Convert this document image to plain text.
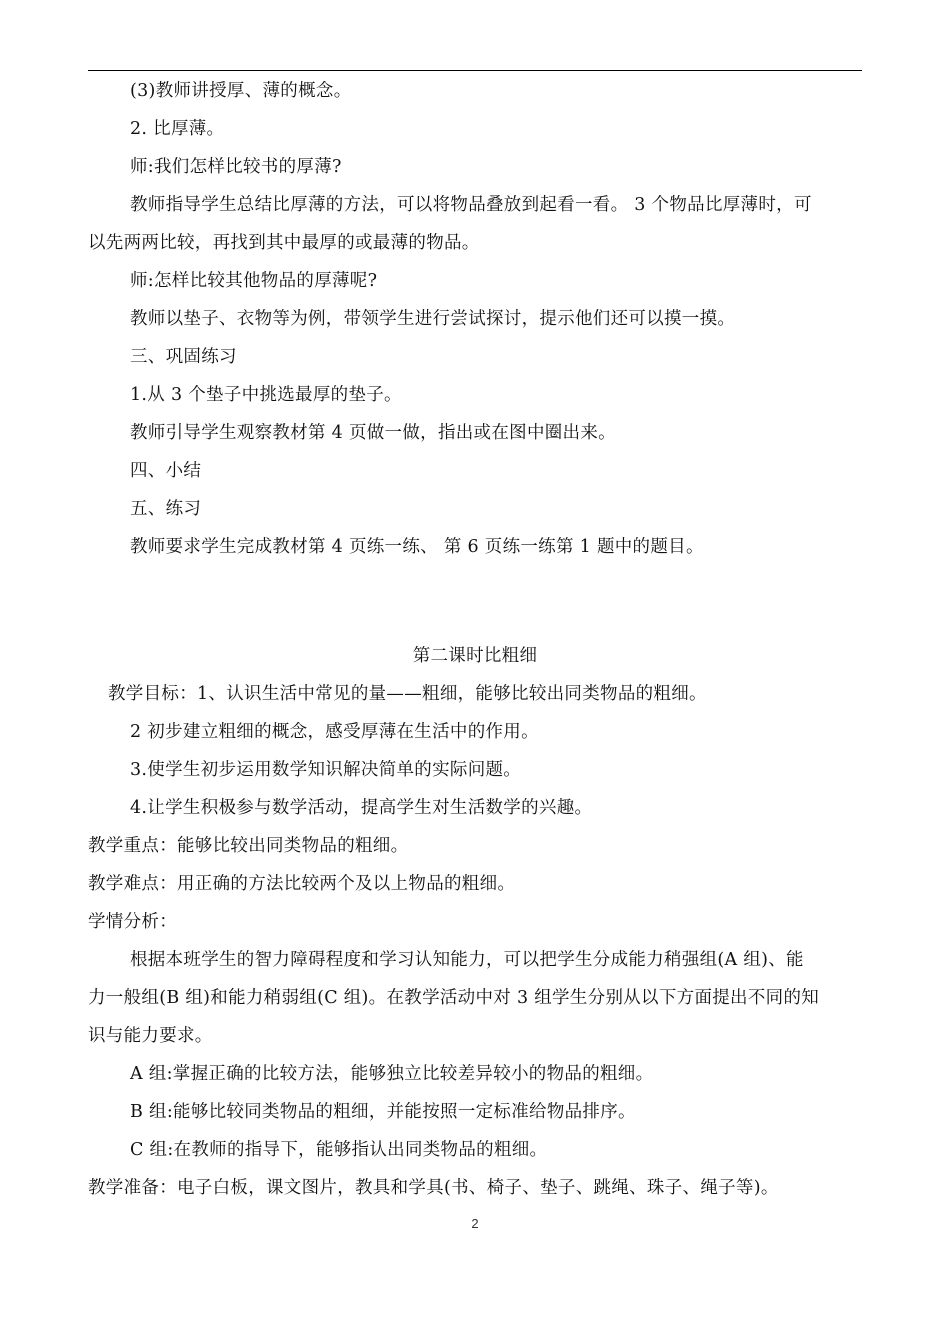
(3)教师讲授厚、薄的概念。
2. 比厚薄。
师:我们怎样比较书的厚薄?
教师指导学生总结比厚薄的方法，可以将物品叠放到起看一看。 3 个物品比厚薄时，可
以先两两比较，再找到其中最厚的或最薄的物品。
师:怎样比较其他物品的厚薄呢?
教师以垫子、衣物等为例，带领学生进行尝试探讨，提示他们还可以摸一摸。
三、巩固练习
1.从 3 个垫子中挑选最厚的垫子。
教师引导学生观察教材第 4 页做一做，指出或在图中圈出来。
四、小结
五、练习
教师要求学生完成教材第 4 页练一练、 第 6 页练一练第 1 题中的题目。
第二课时比粗细
教学目标：1、认识生活中常见的量——粗细，能够比较出同类物品的粗细。
2 初步建立粗细的概念，感受厚薄在生活中的作用。
3.使学生初步运用数学知识解决简单的实际问题。
4.让学生积极参与数学活动，提高学生对生活数学的兴趣。
教学重点：能够比较出同类物品的粗细。
教学难点：用正确的方法比较两个及以上物品的粗细。
学情分析：
根据本班学生的智力障碍程度和学习认知能力，可以把学生分成能力稍强组(A 组)、能
力一般组(B 组)和能力稍弱组(C 组)。在教学活动中对 3 组学生分别从以下方面提出不同的知
识与能力要求。
A 组:掌握正确的比较方法，能够独立比较差异较小的物品的粗细。
B 组:能够比较同类物品的粗细，并能按照一定标准给物品排序。
C 组:在教师的指导下，能够指认出同类物品的粗细。
教学准备：电子白板，课文图片，教具和学具(书、椅子、垫子、跳绳、珠子、绳子等)。
2
